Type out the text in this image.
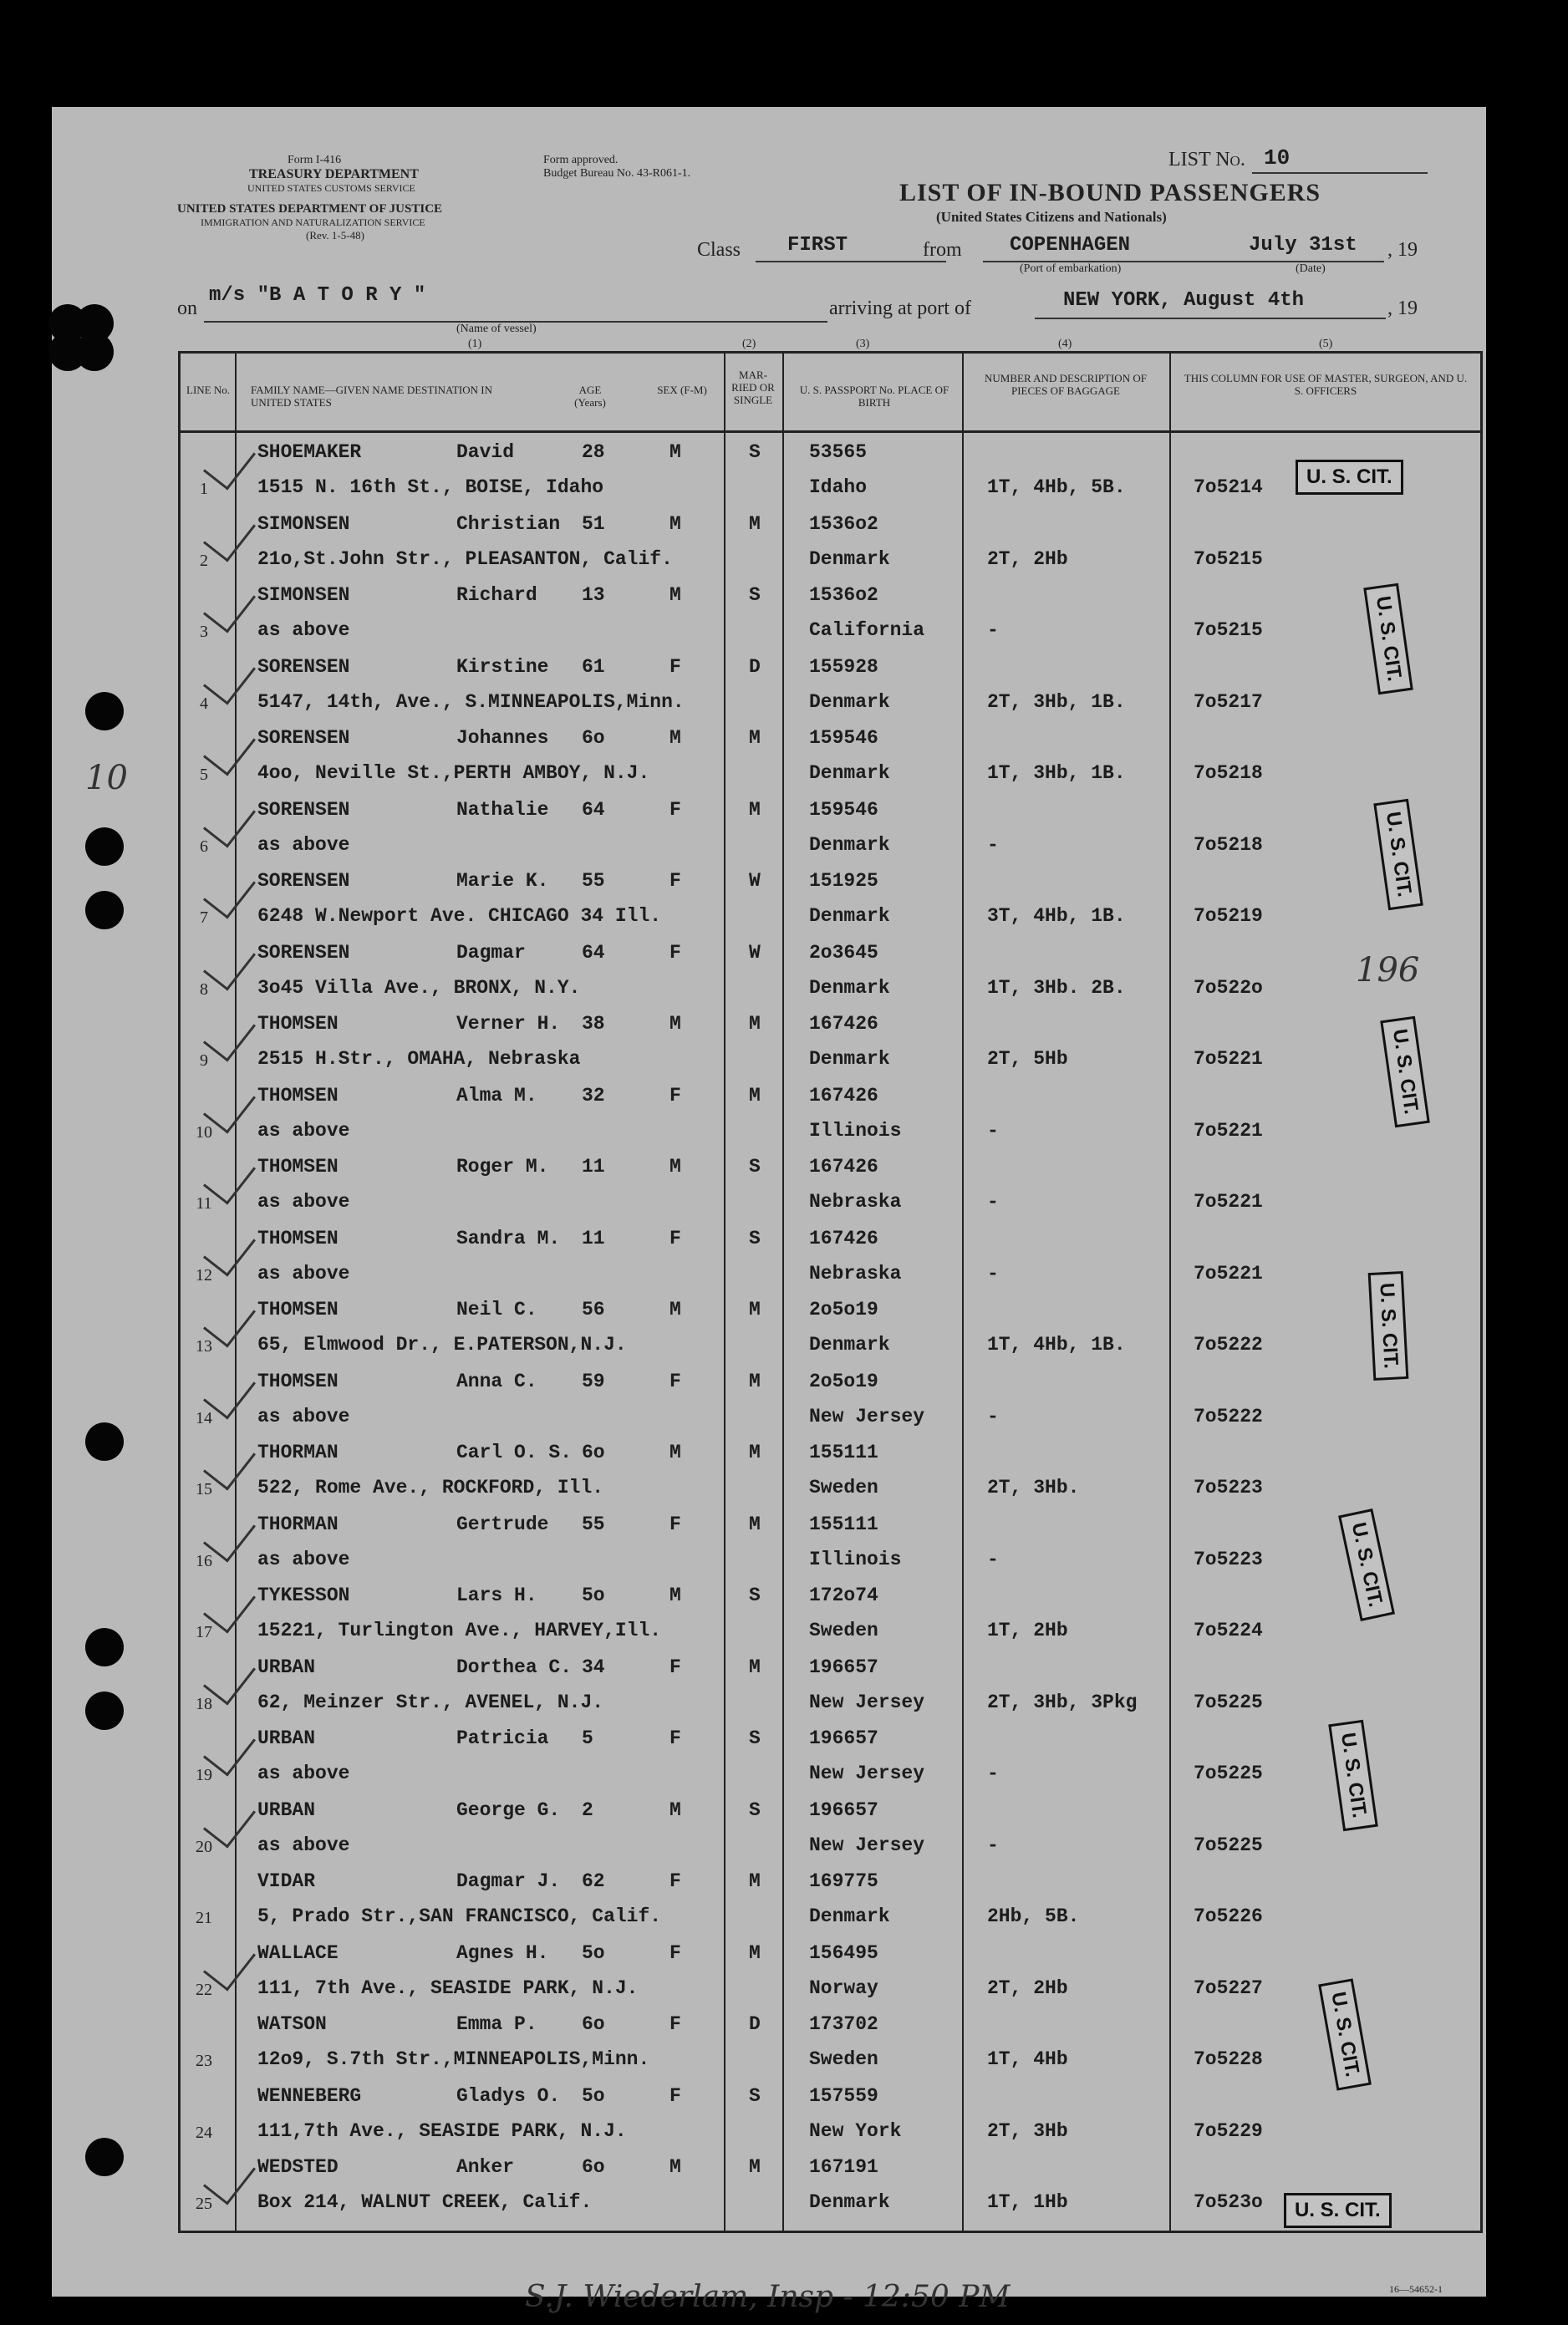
Form I-416
TREASURY DEPARTMENT
UNITED STATES CUSTOMS SERVICE
UNITED STATES DEPARTMENT OF JUSTICE
IMMIGRATION AND NATURALIZATION SERVICE
(Rev. 1-5-48)
Form approved.
Budget Bureau No. 43-R061-1.
LIST No. 10
LIST OF IN-BOUND PASSENGERS
(United States Citizens and Nationals)
Class FIRST	from COPENHAGEN
(Port of embarkation)
July 31st
(Date)
, 19
on
m/s "B A T O R Y "
(Name of vessel)
arriving at port of	NEW YORK, August 4th	, 19
(1)	(2)	(3)	(4)	(5)
10
196
S.J. Wiederlam, Insp - 12:50 PM	16—54652-1
LINE No. FAMILY NAME—GIVEN NAME DESTINATION IN UNITED STATES
AGE (Years)
SEX (F-M)
MAR-RIED OR SINGLE
U. S. PASSPORT No. PLACE OF BIRTH
NUMBER AND DESCRIPTION OF PIECES OF BAGGAGE
THIS COLUMN FOR USE OF MASTER, SURGEON, AND U. S. OFFICERS
1
SHOEMAKER	David	28	M	S	53565
1515 N. 16th St., BOISE, Idaho	Idaho	1T, 4Hb, 5B.	7o5214
2
SIMONSEN	Christian 51	M	M	1536o2
21o,St.John Str., PLEASANTON, Calif.	Denmark	2T, 2Hb	7o5215
3
SIMONSEN	Richard 13	M	S	1536o2
as above	California	-	7o5215
4
SORENSEN	Kirstine 61	F	D	155928
5147, 14th, Ave., S.MINNEAPOLIS,Minn.	Denmark	2T, 3Hb, 1B.	7o5217
5
SORENSEN	Johannes 6o	M	M	159546
4oo, Neville St.,PERTH AMBOY, N.J.	Denmark	1T, 3Hb, 1B.	7o5218
6
SORENSEN	Nathalie 64	F	M	159546
as above	Denmark	-	7o5218
7
SORENSEN	Marie K. 55	F	W	151925
6248 W.Newport Ave. CHICAGO 34 Ill.	Denmark	3T, 4Hb, 1B.	7o5219
8
SORENSEN	Dagmar	64	F	W	2o3645
3o45 Villa Ave., BRONX, N.Y.	Denmark	1T, 3Hb. 2B.	7o522o
9
THOMSEN	Verner H. 38	M	M	167426
2515 H.Str., OMAHA, Nebraska	Denmark	2T, 5Hb	7o5221
10
THOMSEN	Alma M. 32	F	M	167426
as above	Illinois	-	7o5221
11
THOMSEN	Roger M. 11	M	S	167426
as above	Nebraska	-	7o5221
12
THOMSEN	Sandra M. 11	F	S	167426
as above	Nebraska	-	7o5221
13
THOMSEN	Neil C. 56	M	M	2o5o19
65, Elmwood Dr., E.PATERSON,N.J.	Denmark	1T, 4Hb, 1B.	7o5222
14
THOMSEN	Anna C. 59	F	M	2o5o19
as above	New Jersey	-	7o5222
15
THORMAN	Carl O. S. 6o	M	M	155111
522, Rome Ave., ROCKFORD, Ill.	Sweden	2T, 3Hb.	7o5223
16
THORMAN	Gertrude 55	F	M	155111
as above	Illinois	-	7o5223
17
TYKESSON	Lars H. 5o	M	S	172o74
15221, Turlington Ave., HARVEY,Ill.	Sweden	1T, 2Hb	7o5224
18
URBAN	Dorthea C. 34	F	M	196657
62, Meinzer Str., AVENEL, N.J.	New Jersey	2T, 3Hb, 3Pkg	7o5225
19
URBAN	Patricia 5	F	S	196657
as above	New Jersey	-	7o5225
20
URBAN	George G. 2	M	S	196657
as above	New Jersey	-	7o5225
21
VIDAR	Dagmar J. 62	F	M	169775
5, Prado Str.,SAN FRANCISCO, Calif.	Denmark	2Hb, 5B.	7o5226
22
WALLACE	Agnes H. 5o	F	M	156495
111, 7th Ave., SEASIDE PARK, N.J.	Norway	2T, 2Hb	7o5227
23
WATSON	Emma P. 6o	F	D	173702
12o9, S.7th Str.,MINNEAPOLIS,Minn.	Sweden	1T, 4Hb	7o5228
24
WENNEBERG	Gladys O. 5o	F	S	157559
111,7th Ave., SEASIDE PARK, N.J.	New York	2T, 3Hb	7o5229
25
WEDSTED	Anker	6o	M	M	167191
Box 214, WALNUT CREEK, Calif.	Denmark	1T, 1Hb	7o523o
U. S. CIT.
U. S. CIT.
U. S. CIT.
U. S. CIT.
U. S. CIT.
U. S. CIT.
U. S. CIT.
U. S. CIT.
U. S. CIT.
